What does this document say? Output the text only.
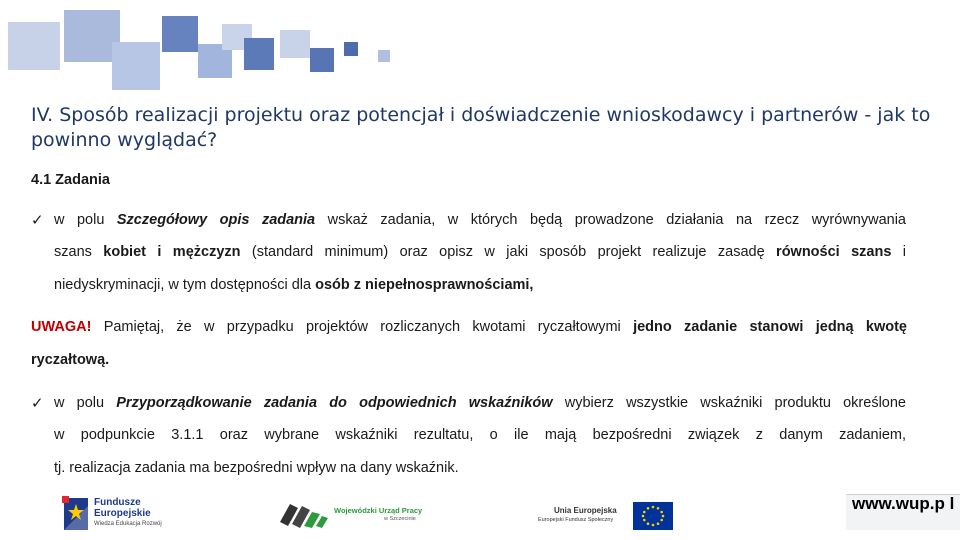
IV. Sposób realizacji projektu oraz potencjał i doświadczenie wnioskodawcy i partnerów - jak to powinno wyglądać?
4.1 Zadania
✓ w polu Szczegółowy opis zadania wskaż zadania, w których będą prowadzone działania na rzecz wyrównywania
szans kobiet i mężczyzn (standard minimum) oraz opisz w jaki sposób projekt realizuje zasadę równości szans i
niedyskryminacji, w tym dostępności dla osób z niepełnosprawnościami,
UWAGA! Pamiętaj, że w przypadku projektów rozliczanych kwotami ryczałtowymi jedno zadanie stanowi jedną kwotę
ryczałtową.
✓ w polu Przyporządkowanie zadania do odpowiednich wskaźników wybierz wszystkie wskaźniki produktu określone
w podpunkcie 3.1.1 oraz wybrane wskaźniki rezultatu, o ile mają bezpośredni związek z danym zadaniem,
tj. realizacja zadania ma bezpośredni wpływ na dany wskaźnik.
Fundusze
Europejskie
Wiedza Edukacja Rozwój
Wojewódzki Urząd Pracy
w Szczecinie
Unia Europejska
Europejski Fundusz Społeczny
www.wup.p l
